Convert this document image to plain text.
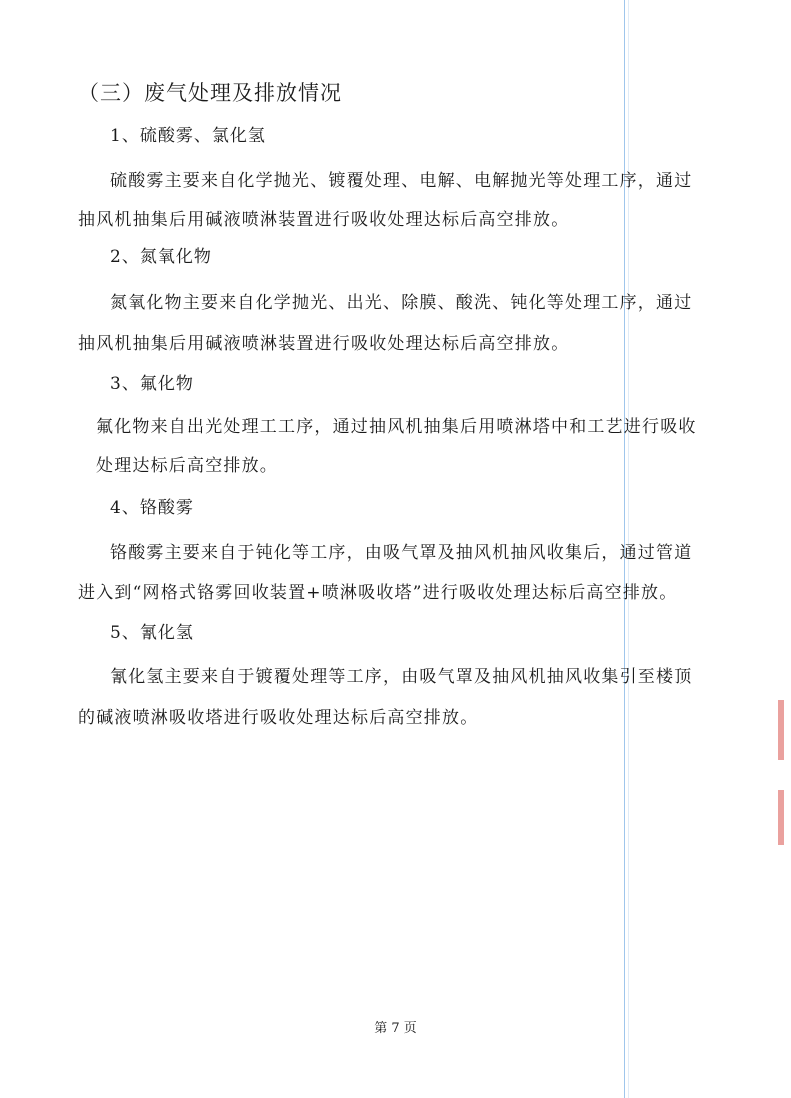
（三）废气处理及排放情况
1、硫酸雾、氯化氢
硫酸雾主要来自化学抛光、镀覆处理、电解、电解抛光等处理工序，通过
抽风机抽集后用碱液喷淋装置进行吸收处理达标后高空排放。
2、氮氧化物
氮氧化物主要来自化学抛光、出光、除膜、酸洗、钝化等处理工序，通过
抽风机抽集后用碱液喷淋装置进行吸收处理达标后高空排放。
3、氟化物
氟化物来自出光处理工工序，通过抽风机抽集后用喷淋塔中和工艺进行吸收
处理达标后高空排放。
4、铬酸雾
铬酸雾主要来自于钝化等工序，由吸气罩及抽风机抽风收集后，通过管道
进入到“网格式铬雾回收装置+喷淋吸收塔”进行吸收处理达标后高空排放。
5、氰化氢
氰化氢主要来自于镀覆处理等工序，由吸气罩及抽风机抽风收集引至楼顶
的碱液喷淋吸收塔进行吸收处理达标后高空排放。
第 7 页
